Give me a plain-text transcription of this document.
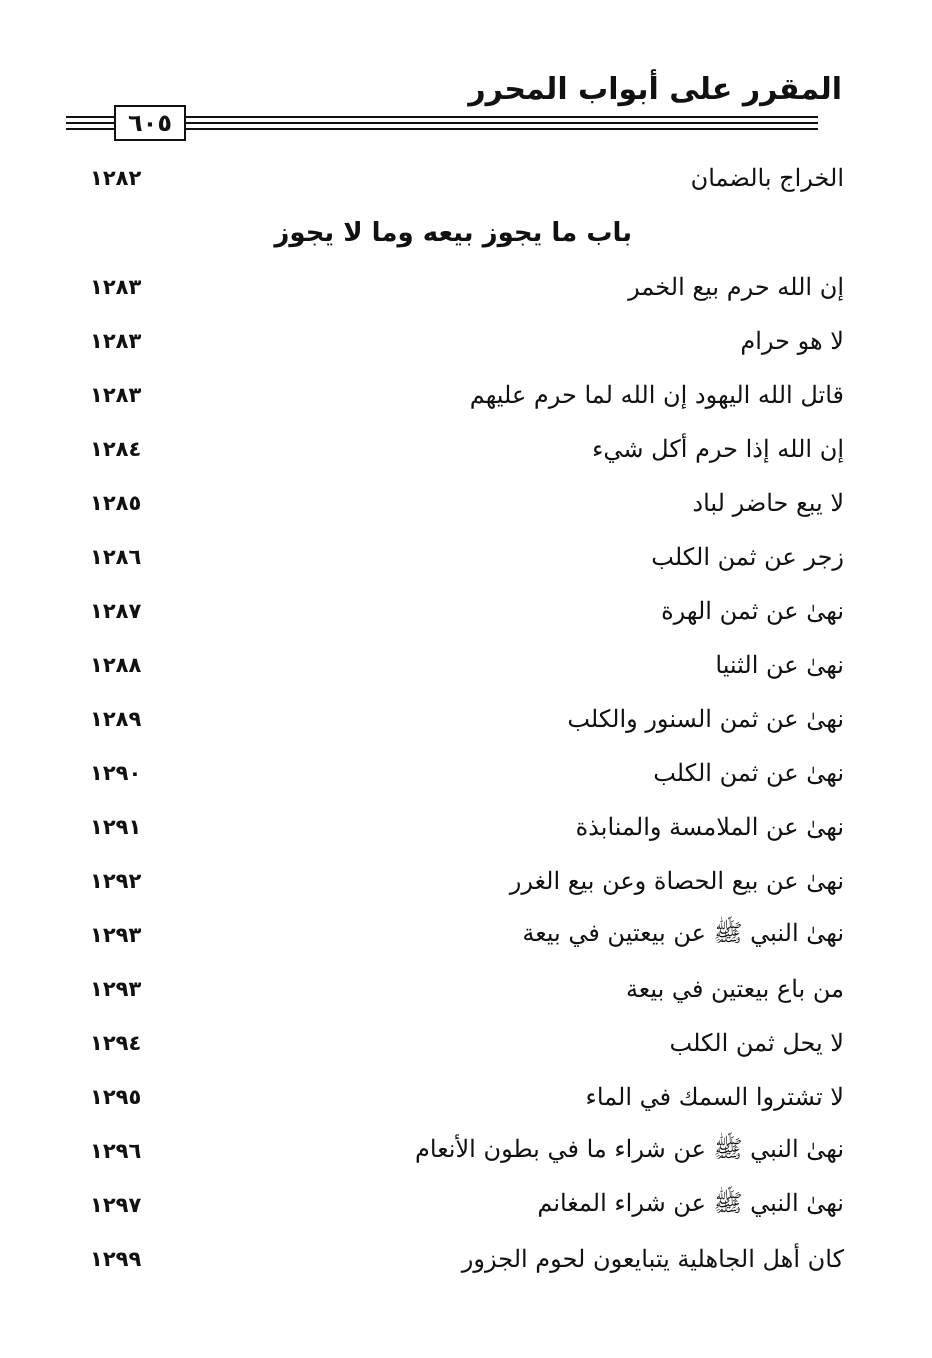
المقرر على أبواب المحرر
٦٠٥
١٢٨٢	الخراج بالضمان
باب ما يجوز بيعه وما لا يجوز
١٢٨٣	إن الله حرم بيع الخمر
١٢٨٣	لا هو حرام
١٢٨٣	قاتل الله اليهود إن الله لما حرم عليهم
١٢٨٤	إن الله إذا حرم أكل شيء
١٢٨٥	لا يبع حاضر لباد
١٢٨٦	زجر عن ثمن الكلب
١٢٨٧	نهىٰ عن ثمن الهرة
١٢٨٨	نهىٰ عن الثنيا
١٢٨٩	نهىٰ عن ثمن السنور والكلب
١٢٩٠	نهىٰ عن ثمن الكلب
١٢٩١	نهىٰ عن الملامسة والمنابذة
١٢٩٢	نهىٰ عن بيع الحصاة وعن بيع الغرر
١٢٩٣	نهىٰ النبي ﷺ عن بيعتين في بيعة
١٢٩٣	من باع بيعتين في بيعة
١٢٩٤	لا يحل ثمن الكلب
١٢٩٥	لا تشتروا السمك في الماء
١٢٩٦	نهىٰ النبي ﷺ عن شراء ما في بطون الأنعام
١٢٩٧	نهىٰ النبي ﷺ عن شراء المغانم
١٢٩٩	كان أهل الجاهلية يتبايعون لحوم الجزور
